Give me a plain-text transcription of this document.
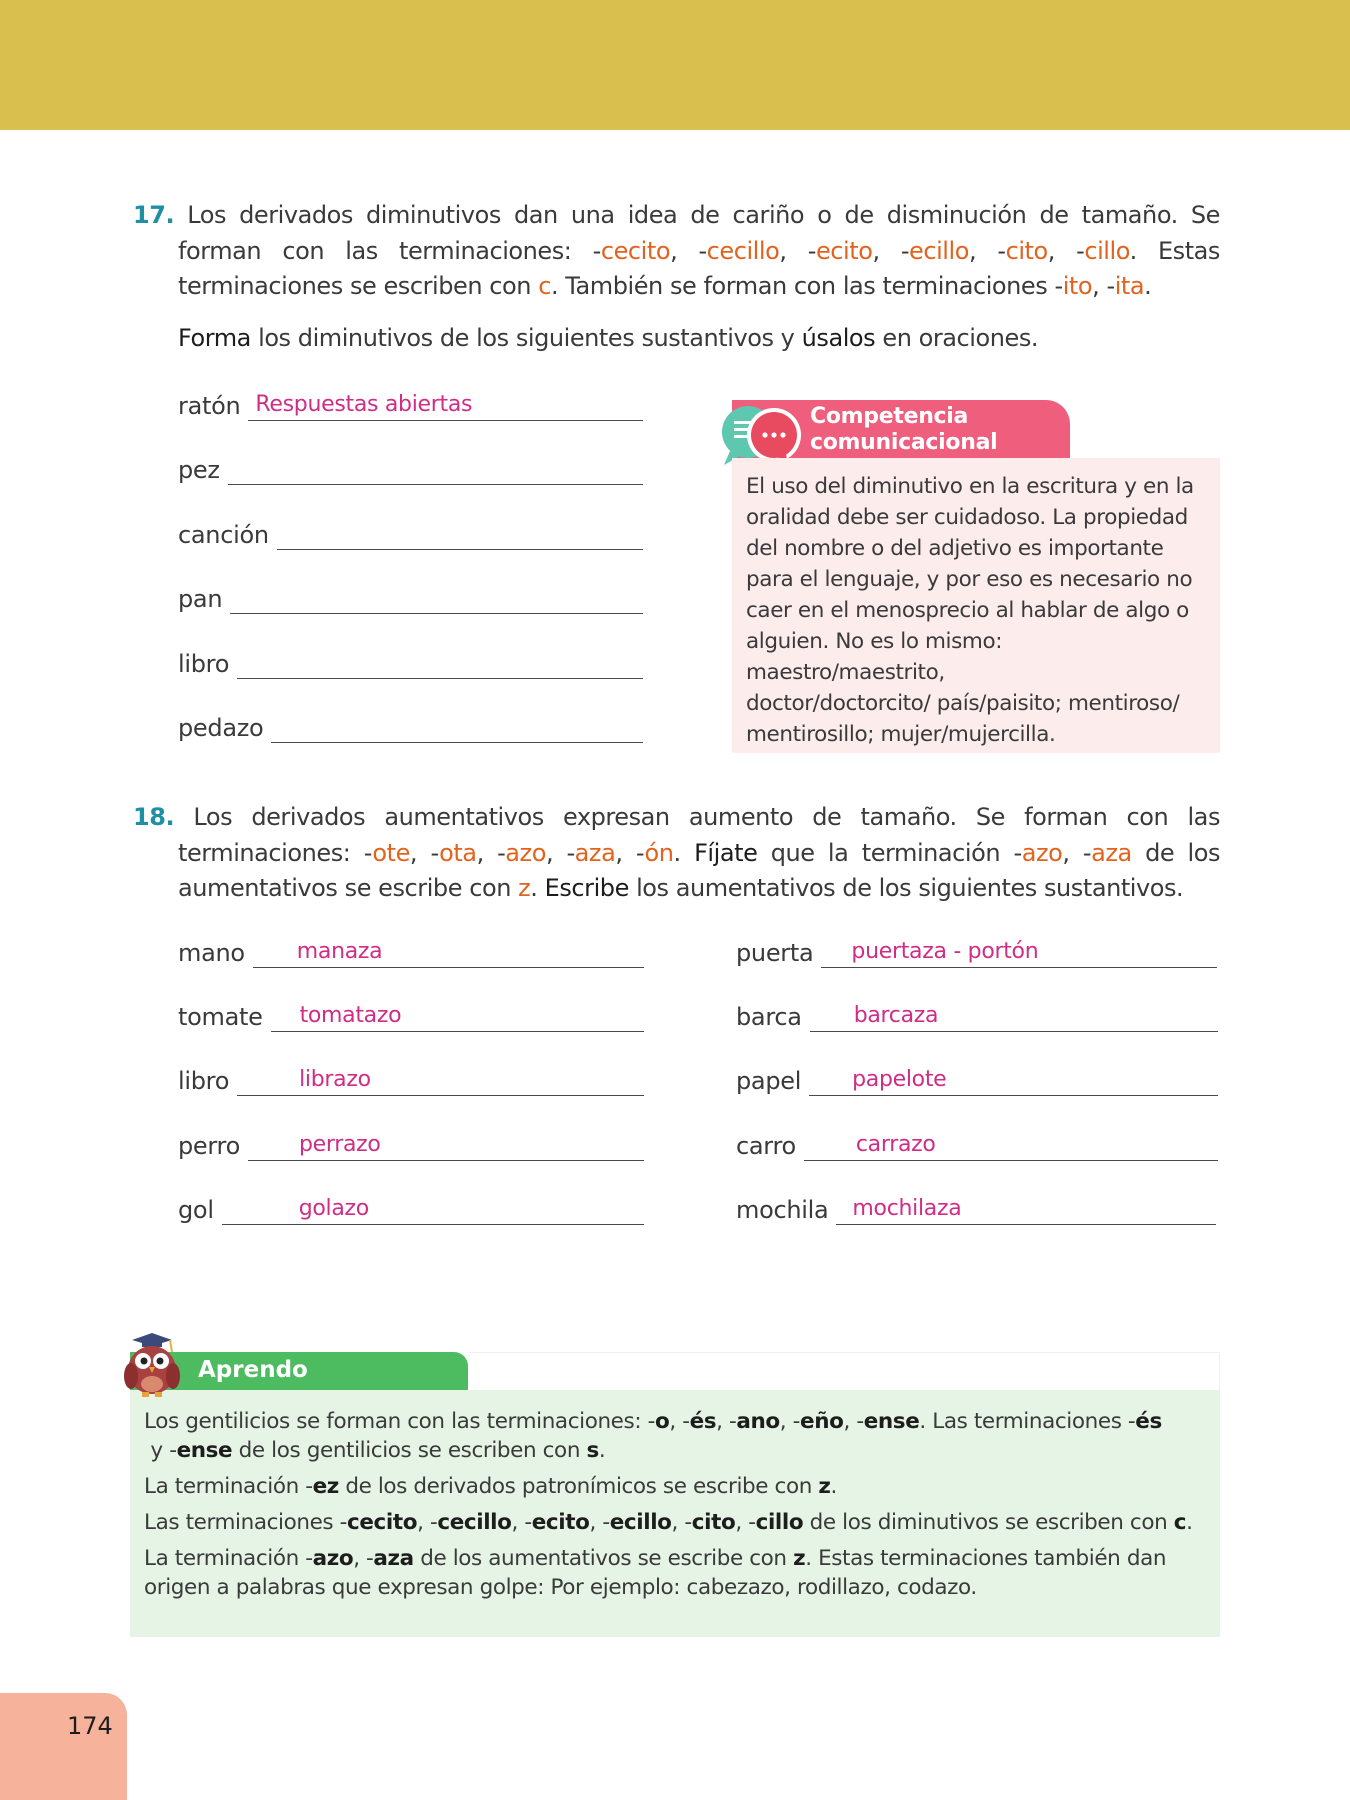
17. Los derivados diminutivos dan una idea de cariño o de disminución de tamaño. Se forman con las terminaciones: -cecito, -cecillo, -ecito, -ecillo, -cito, -cillo. Estas terminaciones se escriben con c. También se forman con las terminaciones -ito, -ita.
Forma los diminutivos de los siguientes sustantivos y úsalos en oraciones.
ratón Respuestas abiertas
pez
canción
pan
libro
pedazo
Competencia
comunicacional
El uso del diminutivo en la escritura y en la
oralidad debe ser cuidadoso. La propiedad
del nombre o del adjetivo es importante
para el lenguaje, y por eso es necesario no
caer en el menosprecio al hablar de algo o
alguien. No es lo mismo: maestro/maestrito,
doctor/doctorcito/ país/paisito; mentiroso/
mentirosillo; mujer/mujercilla.
18. Los derivados aumentativos expresan aumento de tamaño. Se forman con las terminaciones: -ote, -ota, -azo, -aza, -ón. Fíjate que la terminación -azo, -aza de los aumentativos se escribe con z. Escribe los aumentativos de los siguientes sustantivos.
mano manaza
tomate tomatazo
libro	librazo
perro	perrazo
gol	golazo
puerta puertaza - portón
barca barcaza
papel papelote
carro	carrazo
mochila mochilaza
Aprendo
Los gentilicios se forman con las terminaciones: -o, -és, -ano, -eño, -ense. Las terminaciones -és
y -ense de los gentilicios se escriben con s.
La terminación -ez de los derivados patronímicos se escribe con z.
Las terminaciones -cecito, -cecillo, -ecito, -ecillo, -cito, -cillo de los diminutivos se escriben con c.
La terminación -azo, -aza de los aumentativos se escribe con z. Estas terminaciones también dan
origen a palabras que expresan golpe: Por ejemplo: cabezazo, rodillazo, codazo.
174
